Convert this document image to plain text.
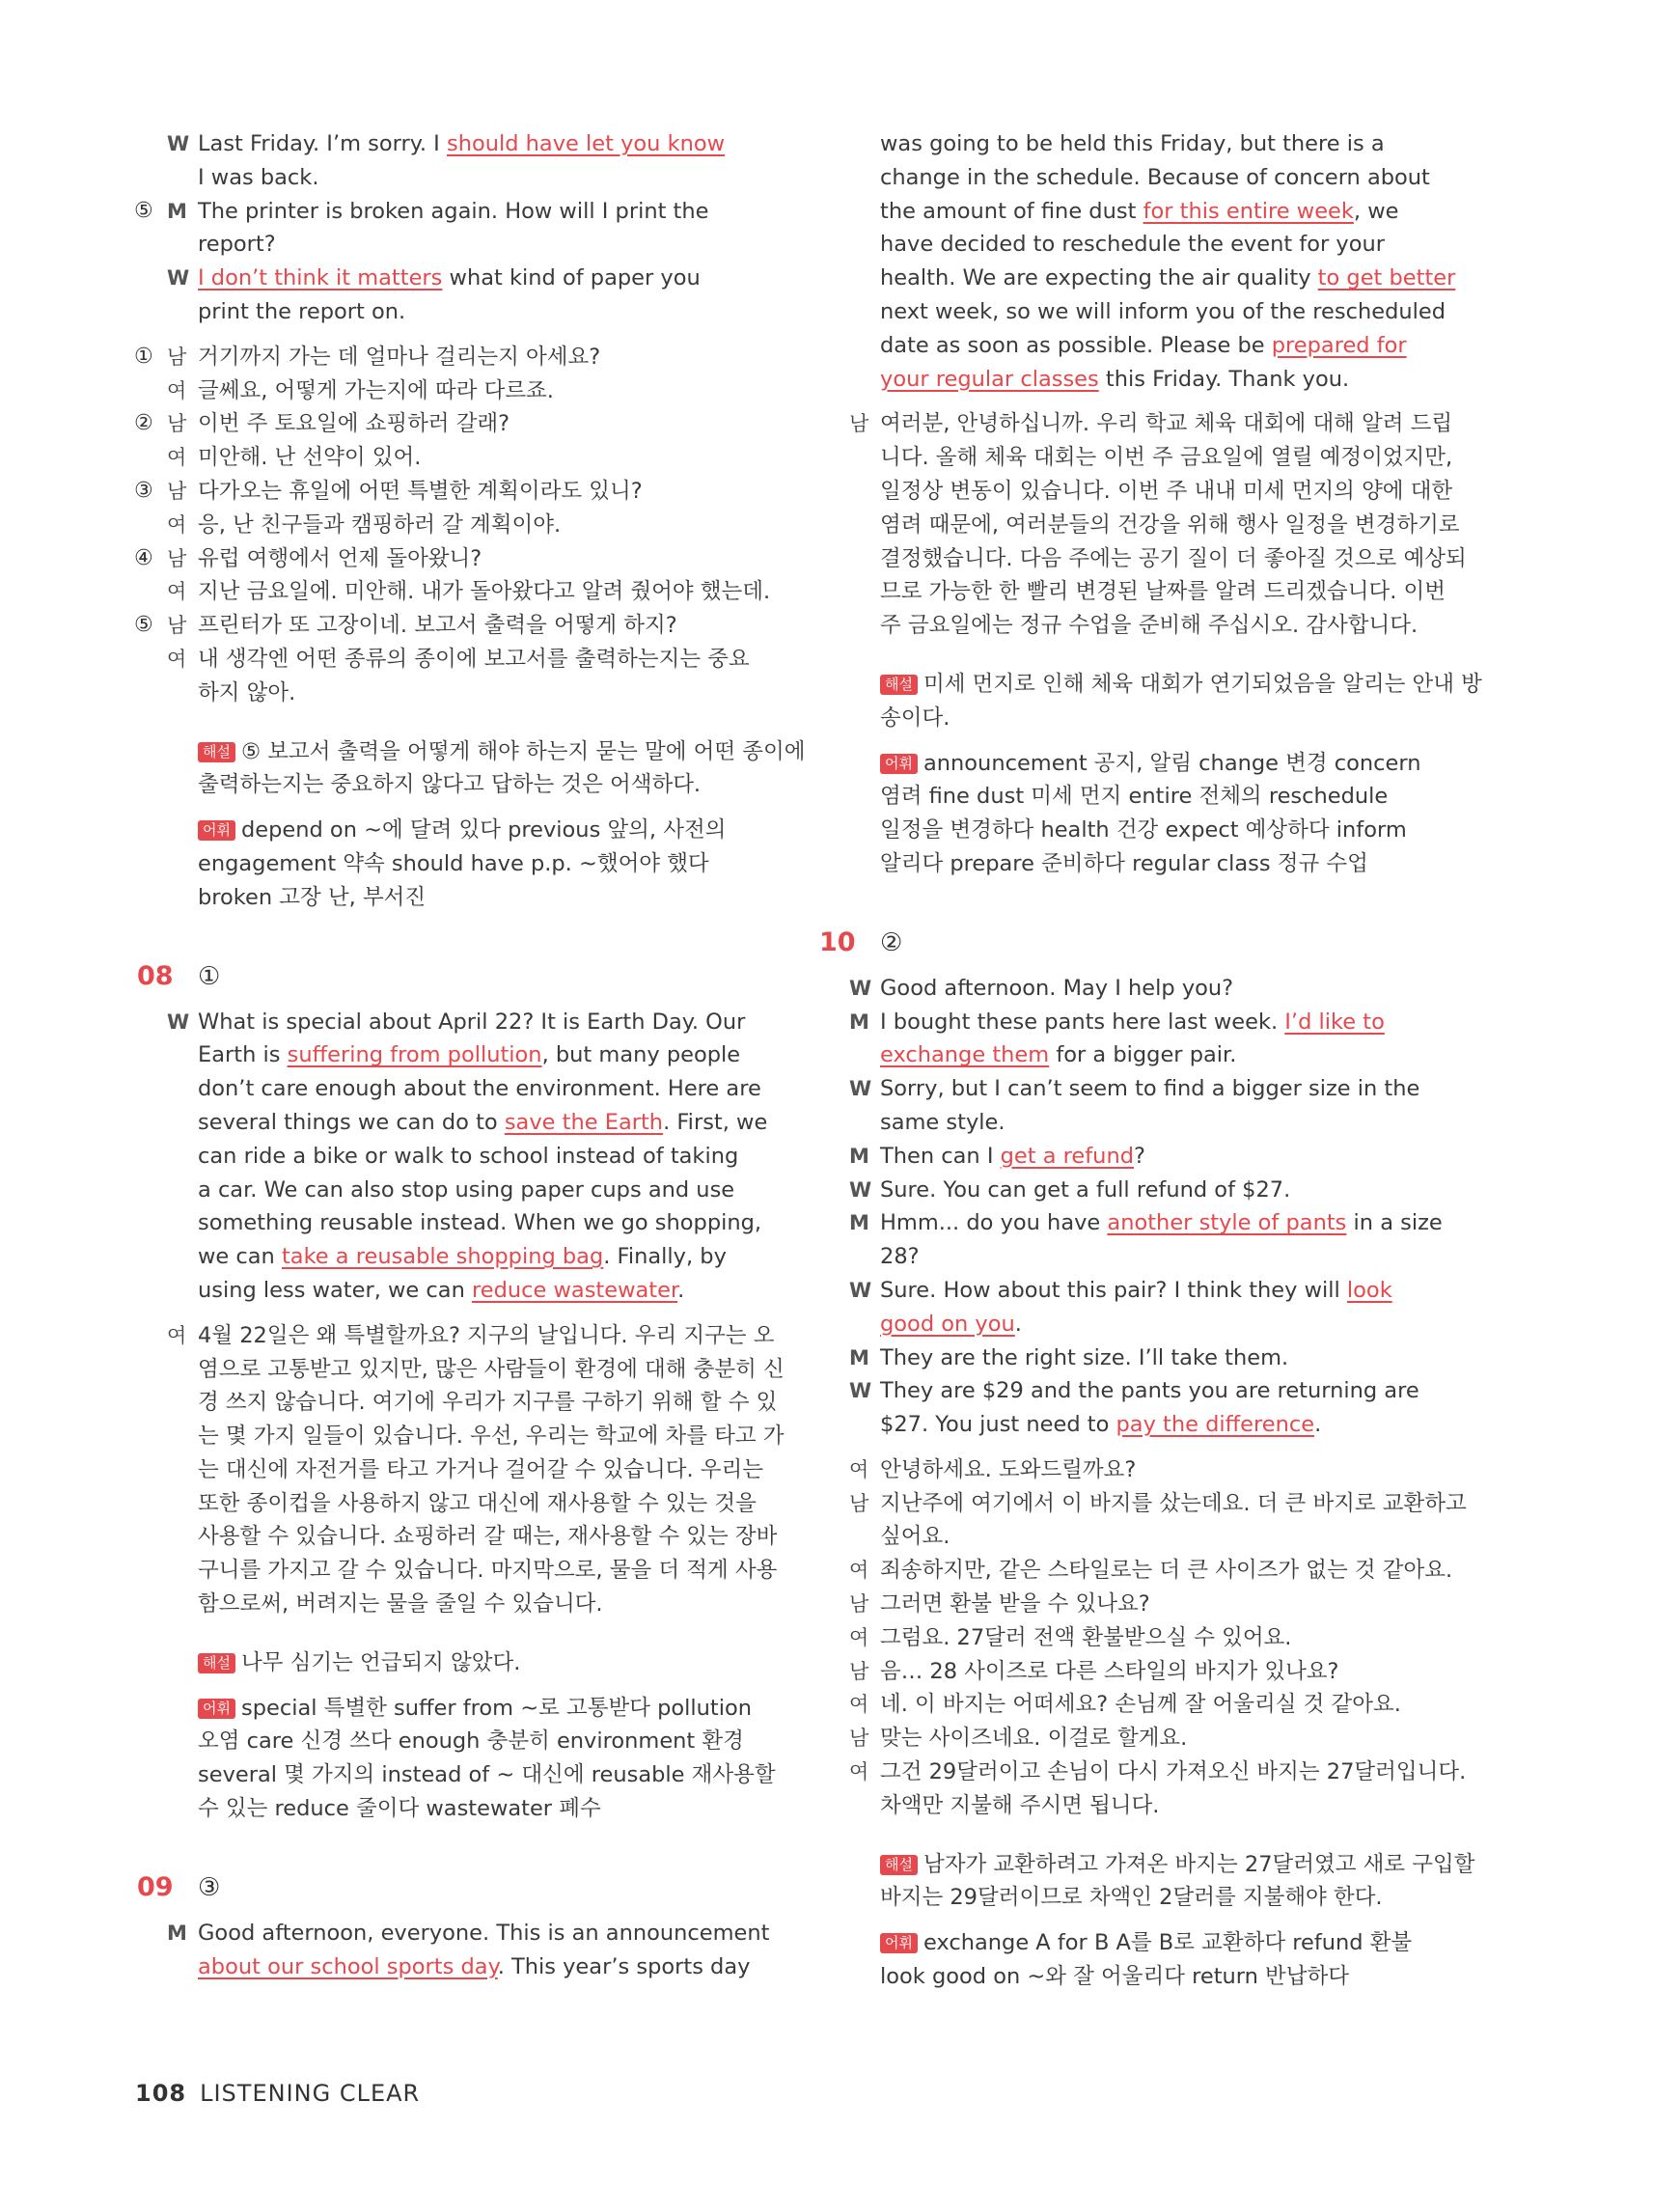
W Last Friday. I’m sorry. I should have let you know
I was back.
⑤ M The printer is broken again. How will I print the
report?
W I don’t think it matters what kind of paper you
print the report on.
① 남 거기까지 가는 데 얼마나 걸리는지 아세요?
여 글쎄요, 어떻게 가는지에 따라 다르죠.
② 남 이번 주 토요일에 쇼핑하러 갈래?
여 미안해. 난 선약이 있어.
③ 남 다가오는 휴일에 어떤 특별한 계획이라도 있니?
여 응, 난 친구들과 캠핑하러 갈 계획이야.
④ 남 유럽 여행에서 언제 돌아왔니?
여 지난 금요일에. 미안해. 내가 돌아왔다고 알려 줬어야 했는데.
⑤ 남 프린터가 또 고장이네. 보고서 출력을 어떻게 하지?
여 내 생각엔 어떤 종류의 종이에 보고서를 출력하는지는 중요
하지 않아.
해설 ⑤ 보고서 출력을 어떻게 해야 하는지 묻는 말에 어떤 종이에
출력하는지는 중요하지 않다고 답하는 것은 어색하다.
어휘 depend on ~에 달려 있다 previous 앞의, 사전의
engagement 약속 should have p.p. ~했어야 했다
broken 고장 난, 부서진
08 ①
W What is special about April 22? It is Earth Day. Our
Earth is suffering from pollution, but many people
don’t care enough about the environment. Here are
several things we can do to save the Earth. First, we
can ride a bike or walk to school instead of taking
a car. We can also stop using paper cups and use
something reusable instead. When we go shopping,
we can take a reusable shopping bag. Finally, by
using less water, we can reduce wastewater.
여 4월 22일은 왜 특별할까요? 지구의 날입니다. 우리 지구는 오
염으로 고통받고 있지만, 많은 사람들이 환경에 대해 충분히 신
경 쓰지 않습니다. 여기에 우리가 지구를 구하기 위해 할 수 있
는 몇 가지 일들이 있습니다. 우선, 우리는 학교에 차를 타고 가
는 대신에 자전거를 타고 가거나 걸어갈 수 있습니다. 우리는
또한 종이컵을 사용하지 않고 대신에 재사용할 수 있는 것을
사용할 수 있습니다. 쇼핑하러 갈 때는, 재사용할 수 있는 장바
구니를 가지고 갈 수 있습니다. 마지막으로, 물을 더 적게 사용
함으로써, 버려지는 물을 줄일 수 있습니다.
해설 나무 심기는 언급되지 않았다.
어휘 special 특별한 suffer from ~로 고통받다 pollution
오염 care 신경 쓰다 enough 충분히 environment 환경
several 몇 가지의 instead of ~ 대신에 reusable 재사용할
수 있는 reduce 줄이다 wastewater 폐수
09 ③
M Good afternoon, everyone. This is an announcement
about our school sports day. This year’s sports day
was going to be held this Friday, but there is a
change in the schedule. Because of concern about
the amount of fine dust for this entire week, we
have decided to reschedule the event for your
health. We are expecting the air quality to get better
next week, so we will inform you of the rescheduled
date as soon as possible. Please be prepared for
your regular classes this Friday. Thank you.
남 여러분, 안녕하십니까. 우리 학교 체육 대회에 대해 알려 드립
니다. 올해 체육 대회는 이번 주 금요일에 열릴 예정이었지만,
일정상 변동이 있습니다. 이번 주 내내 미세 먼지의 양에 대한
염려 때문에, 여러분들의 건강을 위해 행사 일정을 변경하기로
결정했습니다. 다음 주에는 공기 질이 더 좋아질 것으로 예상되
므로 가능한 한 빨리 변경된 날짜를 알려 드리겠습니다. 이번
주 금요일에는 정규 수업을 준비해 주십시오. 감사합니다.
해설 미세 먼지로 인해 체육 대회가 연기되었음을 알리는 안내 방
송이다.
어휘 announcement 공지, 알림 change 변경 concern
염려 fine dust 미세 먼지 entire 전체의 reschedule
일정을 변경하다 health 건강 expect 예상하다 inform
알리다 prepare 준비하다 regular class 정규 수업
10 ②
W Good afternoon. May I help you?
M I bought these pants here last week. I’d like to
exchange them for a bigger pair.
W Sorry, but I can’t seem to find a bigger size in the
same style.
M Then can I get a refund?
W Sure. You can get a full refund of $27.
M Hmm... do you have another style of pants in a size
28?
W Sure. How about this pair? I think they will look
good on you.
M They are the right size. I’ll take them.
W They are $29 and the pants you are returning are
$27. You just need to pay the difference.
여 안녕하세요. 도와드릴까요?
남 지난주에 여기에서 이 바지를 샀는데요. 더 큰 바지로 교환하고
싶어요.
여 죄송하지만, 같은 스타일로는 더 큰 사이즈가 없는 것 같아요.
남 그러면 환불 받을 수 있나요?
여 그럼요. 27달러 전액 환불받으실 수 있어요.
남 음… 28 사이즈로 다른 스타일의 바지가 있나요?
여 네. 이 바지는 어떠세요? 손님께 잘 어울리실 것 같아요.
남 맞는 사이즈네요. 이걸로 할게요.
여 그건 29달러이고 손님이 다시 가져오신 바지는 27달러입니다.
차액만 지불해 주시면 됩니다.
해설 남자가 교환하려고 가져온 바지는 27달러였고 새로 구입할
바지는 29달러이므로 차액인 2달러를 지불해야 한다.
어휘 exchange A for B A를 B로 교환하다 refund 환불
look good on ~와 잘 어울리다 return 반납하다
108 LISTENING CLEAR
